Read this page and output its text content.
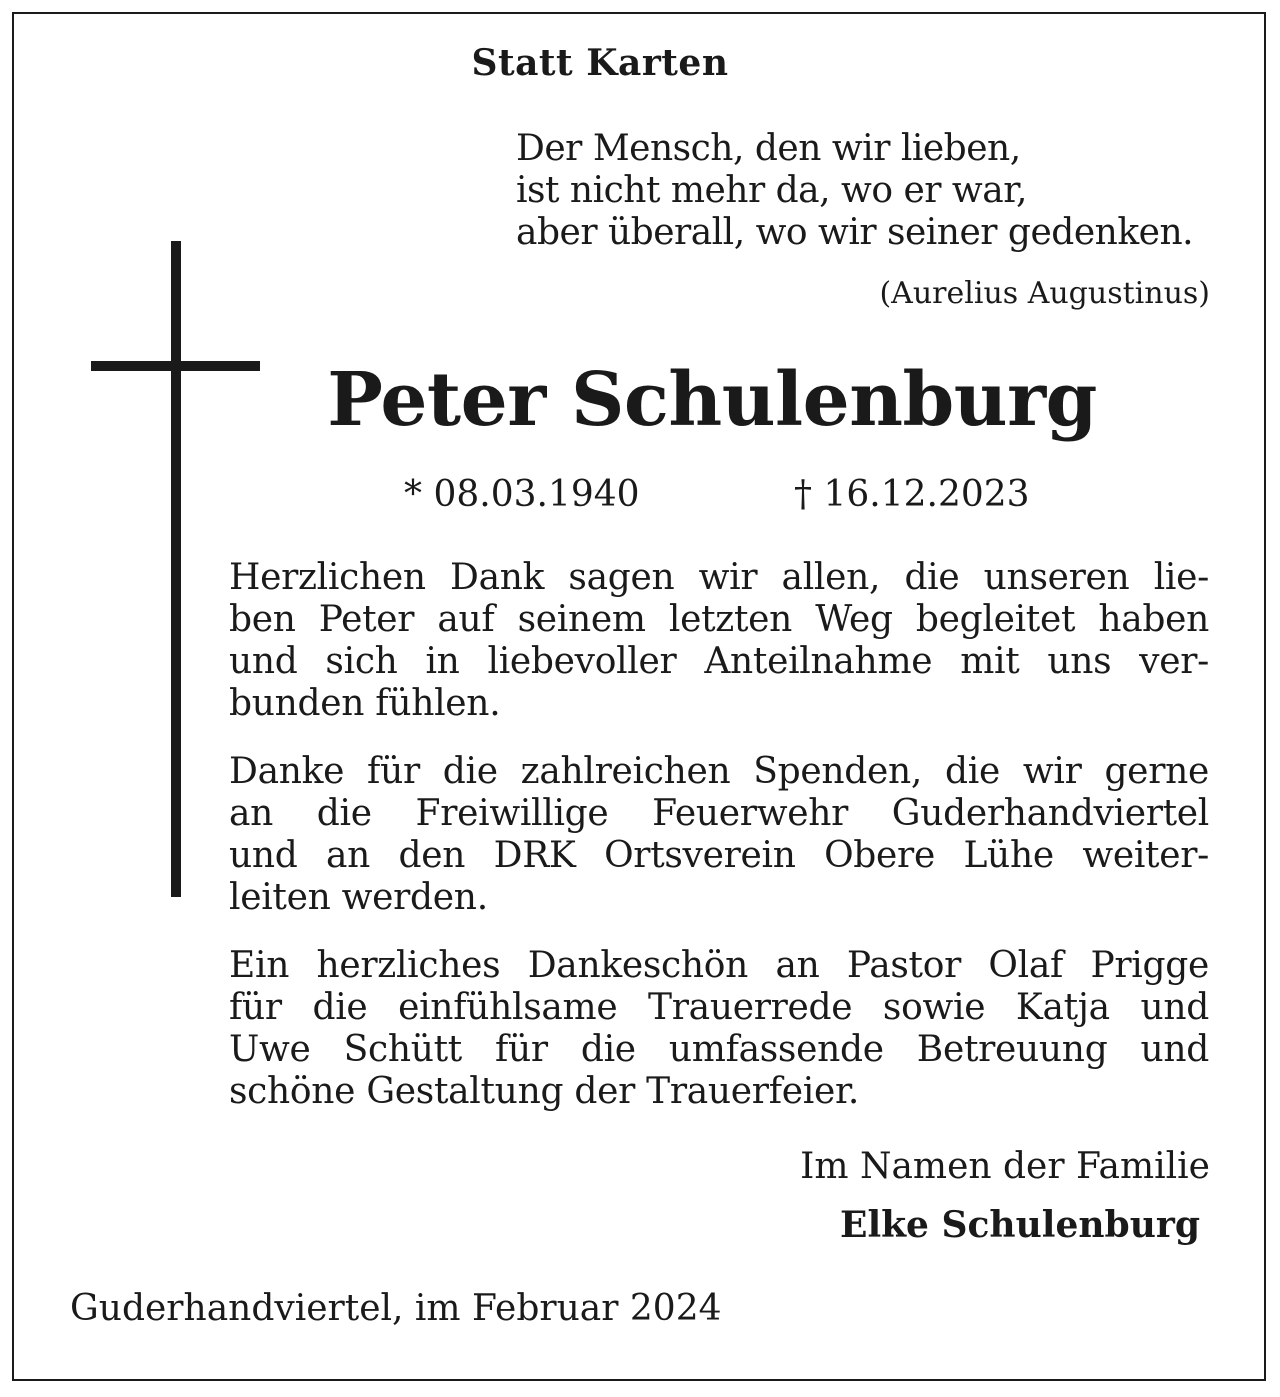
Statt Karten
Der Mensch, den wir lieben,
ist nicht mehr da, wo er war,
aber überall, wo wir seiner gedenken.
(Aurelius Augustinus)
Peter Schulenburg
* 08.03.1940	† 16.12.2023
Herzlichen Dank sagen wir allen, die unseren lie-
ben Peter auf seinem letzten Weg begleitet haben
und sich in liebevoller Anteilnahme mit uns ver-
bunden fühlen.
Danke für die zahlreichen Spenden, die wir gerne
an die Freiwillige Feuerwehr Guderhandviertel
und an den DRK Ortsverein Obere Lühe weiter-
leiten werden.
Ein herzliches Dankeschön an Pastor Olaf Prigge
für die einfühlsame Trauerrede sowie Katja und
Uwe Schütt für die umfassende Betreuung und
schöne Gestaltung der Trauerfeier.
Im Namen der Familie
Elke Schulenburg
Guderhandviertel, im Februar 2024
